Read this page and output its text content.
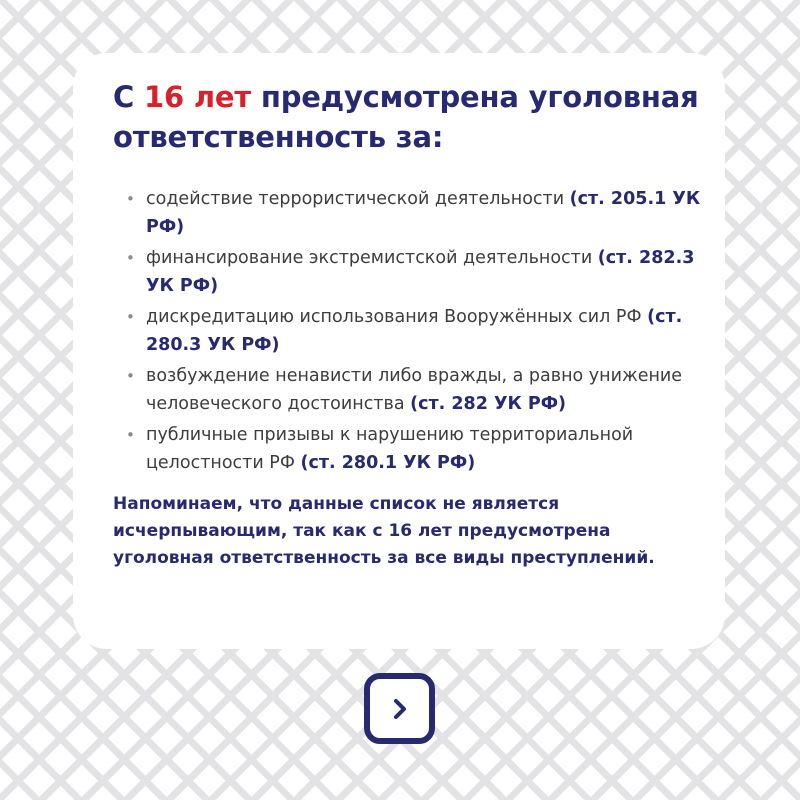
С 16 лет предусмотрена уголовная ответственность за:
• содействие террористической деятельности (ст. 205.1 УК РФ)
• финансирование экстремистской деятельности (ст. 282.3 УК РФ)
• дискредитацию использования Вооружённых сил РФ (ст. 280.3 УК РФ)
• возбуждение ненависти либо вражды, а равно унижение человеческого достоинства (ст. 282 УК РФ)
• публичные призывы к нарушению территориальной целостности РФ (ст. 280.1 УК РФ)

Напоминаем, что данные список не является исчерпывающим, так как с 16 лет предусмотрена уголовная ответственность за все виды преступлений.
